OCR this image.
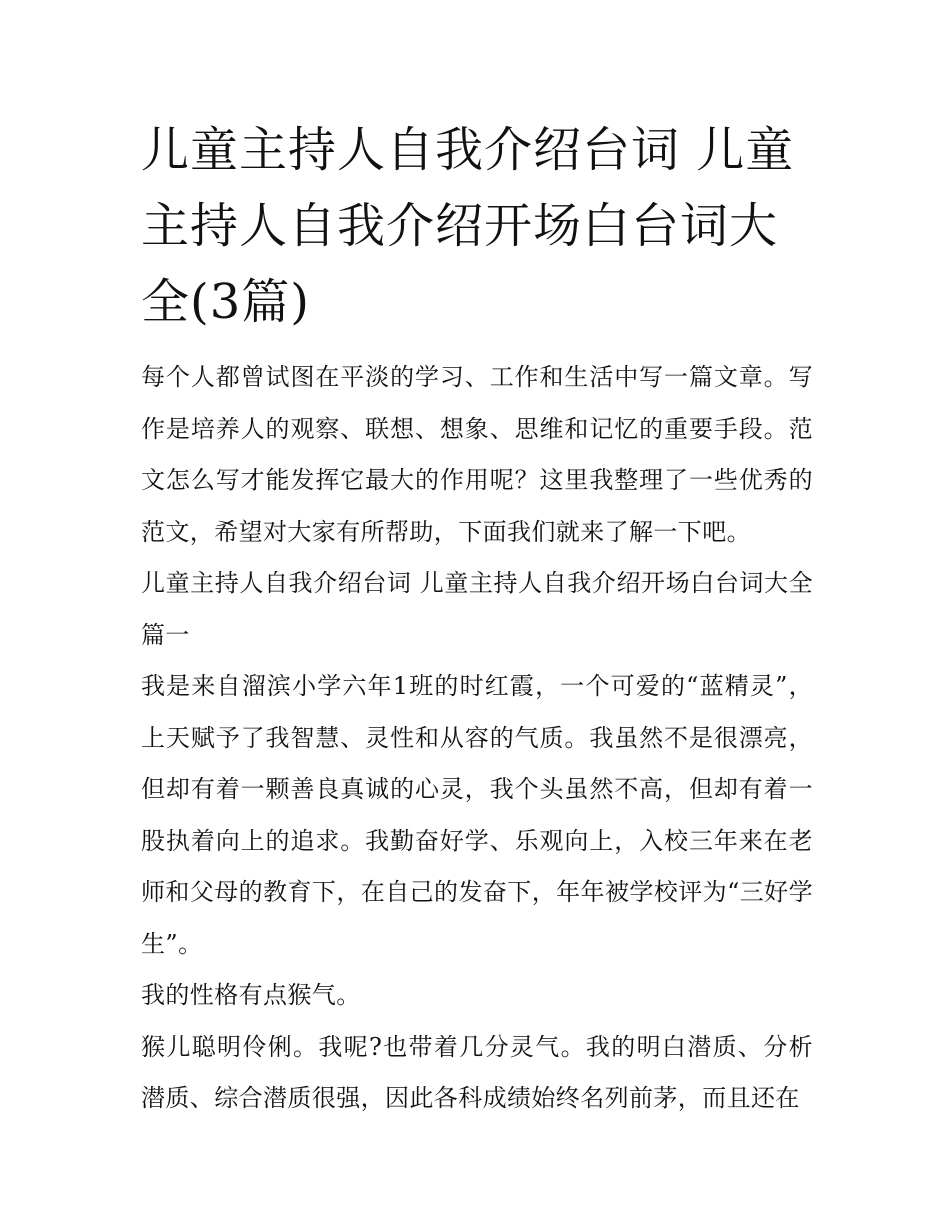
儿童主持人自我介绍台词 儿童主持人自我介绍开场白台词大全(3篇)

每个人都曾试图在平淡的学习、工作和生活中写一篇文章。写作是培养人的观察、联想、想象、思维和记忆的重要手段。范文怎么写才能发挥它最大的作用呢？这里我整理了一些优秀的范文，希望对大家有所帮助，下面我们就来了解一下吧。

儿童主持人自我介绍台词 儿童主持人自我介绍开场白台词大全篇一

我是来自溜滨小学六年1班的时红霞，一个可爱的“蓝精灵”，上天赋予了我智慧、灵性和从容的气质。我虽然不是很漂亮，但却有着一颗善良真诚的心灵，我个头虽然不高，但却有着一股执着向上的追求。我勤奋好学、乐观向上，入校三年来在老师和父母的教育下，在自己的发奋下，年年被学校评为“三好学生”。

我的性格有点猴气。

猴儿聪明伶俐。我呢?也带着几分灵气。我的明白潜质、分析潜质、综合潜质很强，因此各科成绩始终名列前茅，而且还在
